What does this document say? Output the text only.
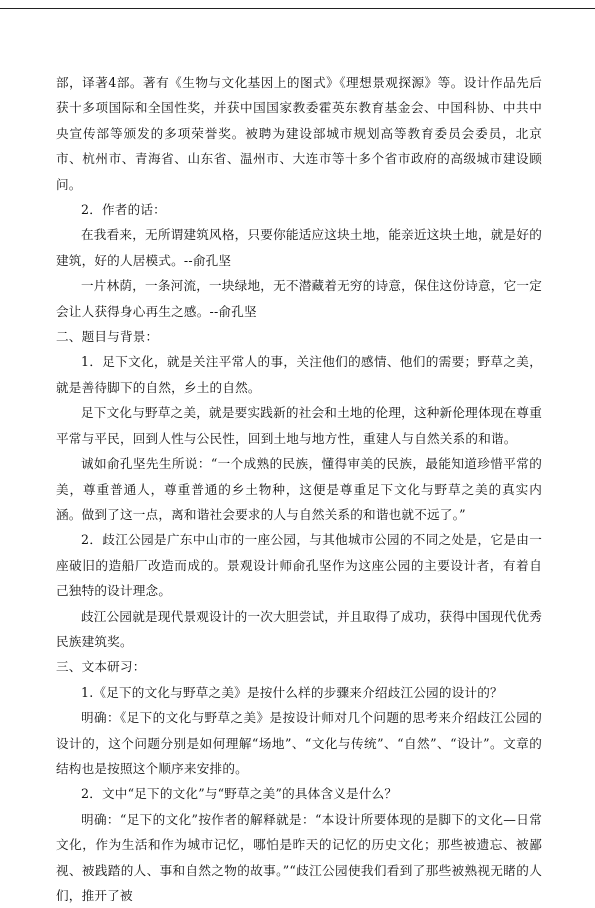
部，译著4部。著有《生物与文化基因上的图式》《理想景观探源》等。设计作品先后获十多项国际和全国性奖，并获中国国家教委霍英东教育基金会、中国科协、中共中央宣传部等颁发的多项荣誉奖。被聘为建设部城市规划高等教育委员会委员，北京市、杭州市、青海省、山东省、温州市、大连市等十多个省市政府的高级城市建设顾问。

2．作者的话：

在我看来，无所谓建筑风格，只要你能适应这块土地，能亲近这块土地，就是好的建筑，好的人居模式。--俞孔坚

一片林荫，一条河流，一块绿地，无不潜藏着无穷的诗意，保住这份诗意，它一定会让人获得身心再生之感。--俞孔坚

二、题目与背景：

1．足下文化，就是关注平常人的事，关注他们的感情、他们的需要；野草之美，就是善待脚下的自然，乡土的自然。

足下文化与野草之美，就是要实践新的社会和土地的伦理，这种新伦理体现在尊重平常与平民，回到人性与公民性，回到土地与地方性，重建人与自然关系的和谐。

诚如俞孔坚先生所说：“一个成熟的民族，懂得审美的民族，最能知道珍惜平常的美，尊重普通人，尊重普通的乡土物种，这便是尊重足下文化与野草之美的真实内涵。做到了这一点，离和谐社会要求的人与自然关系的和谐也就不远了。”

2．歧江公园是广东中山市的一座公园，与其他城市公园的不同之处是，它是由一座破旧的造船厂改造而成的。景观设计师俞孔坚作为这座公园的主要设计者，有着自己独特的设计理念。

歧江公园就是现代景观设计的一次大胆尝试，并且取得了成功，获得中国现代优秀民族建筑奖。

三、文本研习：

1.《足下的文化与野草之美》是按什么样的步骤来介绍歧江公园的设计的？

明确：《足下的文化与野草之美》是按设计师对几个问题的思考来介绍歧江公园的设计的，这个问题分别是如何理解“场地”、“文化与传统”、“自然”、“设计”。文章的结构也是按照这个顺序来安排的。

2．文中“足下的文化”与“野草之美”的具体含义是什么？

明确：“足下的文化”按作者的解释就是：“本设计所要体现的是脚下的文化—日常文化，作为生活和作为城市记忆，哪怕是昨天的记忆的历史文化；那些被遗忘、被鄙视、被践踏的人、事和自然之物的故事。”“歧江公园使我们看到了那些被熟视无睹的人们，推开了被
